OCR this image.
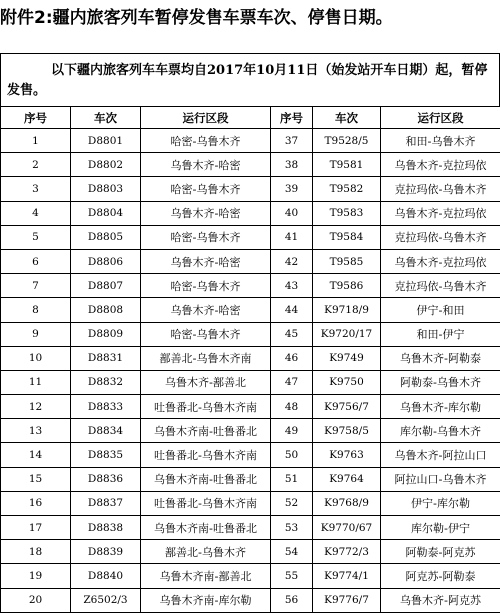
附件2:疆内旅客列车暂停发售车票车次、停售日期。
以下疆内旅客列车车票均自2017年10月11日（始发站开车日期）起，暂停发售。
序号	车次	运行区段	序号	车次	运行区段
1	D8801	哈密-乌鲁木齐	37	T9528/5	和田-乌鲁木齐
2	D8802	乌鲁木齐-哈密	38	T9581	乌鲁木齐-克拉玛依
3	D8803	哈密-乌鲁木齐	39	T9582	克拉玛依-乌鲁木齐
4	D8804	乌鲁木齐-哈密	40	T9583	乌鲁木齐-克拉玛依
5	D8805	哈密-乌鲁木齐	41	T9584	克拉玛依-乌鲁木齐
6	D8806	乌鲁木齐-哈密	42	T9585	乌鲁木齐-克拉玛依
7	D8807	哈密-乌鲁木齐	43	T9586	克拉玛依-乌鲁木齐
8	D8808	乌鲁木齐-哈密	44	K9718/9	伊宁-和田
9	D8809	哈密-乌鲁木齐	45	K9720/17	和田-伊宁
10	D8831	鄯善北-乌鲁木齐南	46	K9749	乌鲁木齐-阿勒泰
11	D8832	乌鲁木齐-鄯善北	47	K9750	阿勒泰-乌鲁木齐
12	D8833	吐鲁番北-乌鲁木齐南	48	K9756/7	乌鲁木齐-库尔勒
13	D8834	乌鲁木齐南-吐鲁番北	49	K9758/5	库尔勒-乌鲁木齐
14	D8835	吐鲁番北-乌鲁木齐南	50	K9763	乌鲁木齐-阿拉山口
15	D8836	乌鲁木齐南-吐鲁番北	51	K9764	阿拉山口-乌鲁木齐
16	D8837	吐鲁番北-乌鲁木齐南	52	K9768/9	伊宁-库尔勒
17	D8838	乌鲁木齐南-吐鲁番北	53	K9770/67	库尔勒-伊宁
18	D8839	鄯善北-乌鲁木齐	54	K9772/3	阿勒泰-阿克苏
19	D8840	乌鲁木齐南-鄯善北	55	K9774/1	阿克苏-阿勒泰
20	Z6502/3	乌鲁木齐南-库尔勒	56	K9776/7	乌鲁木齐-阿克苏
